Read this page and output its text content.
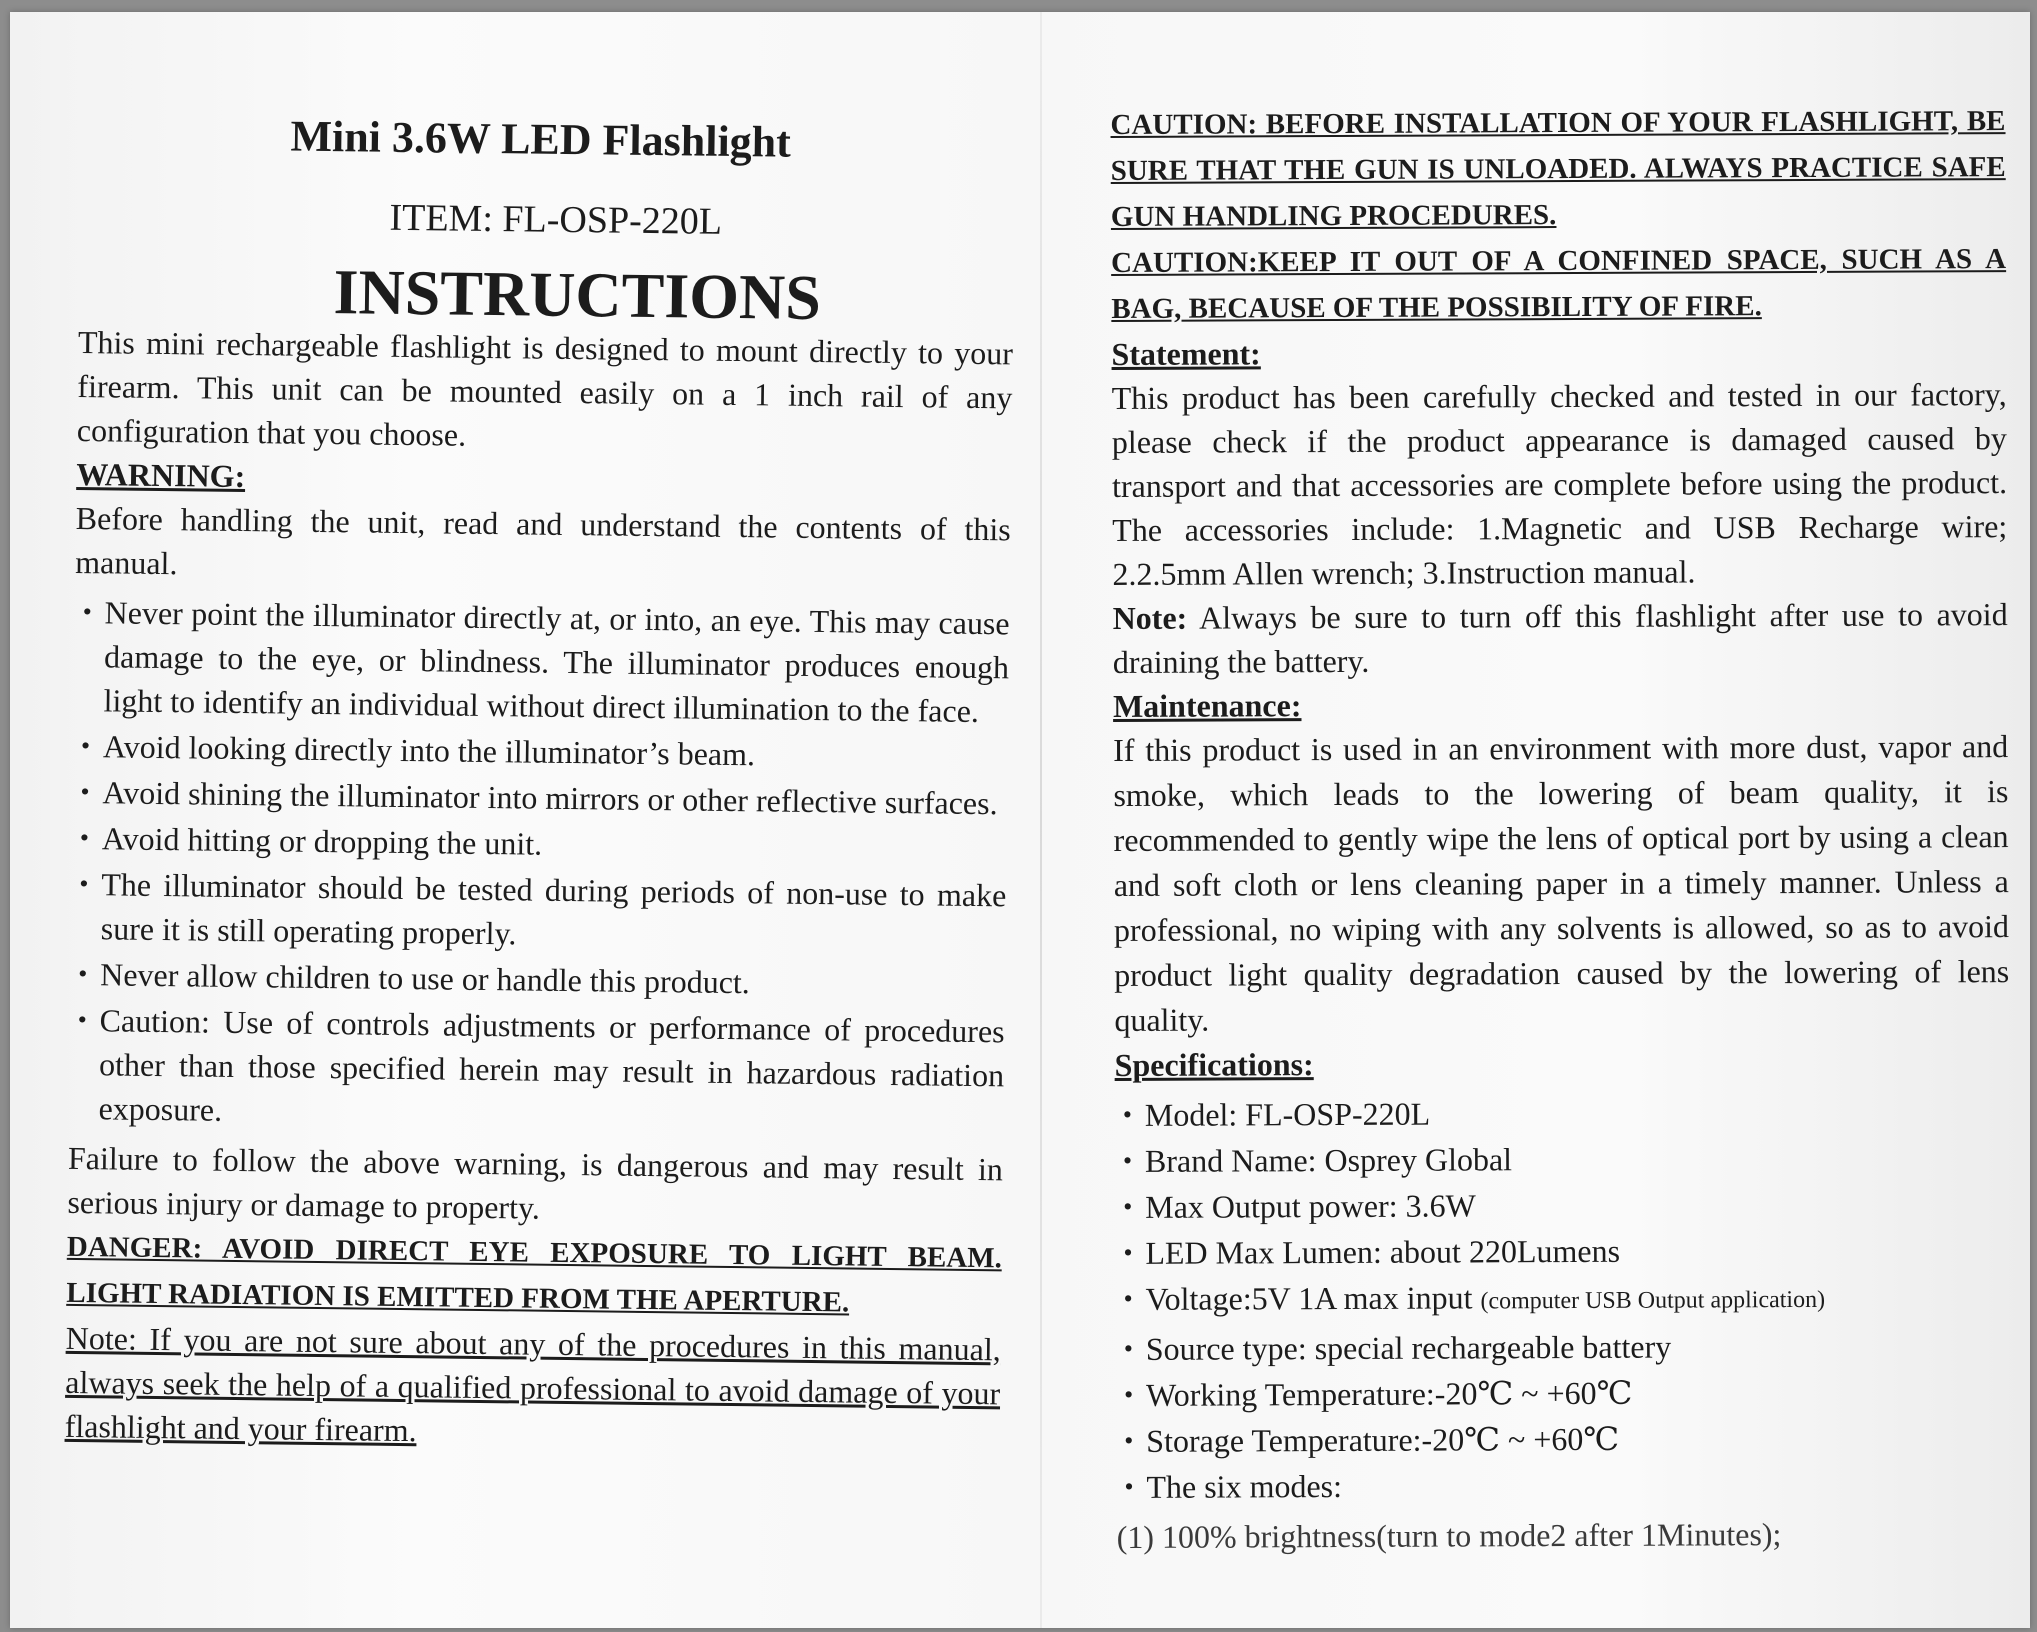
Mini 3.6W LED Flashlight

ITEM: FL-OSP-220L

INSTRUCTIONS

This mini rechargeable flashlight is designed to mount directly to your firearm. This unit can be mounted easily on a 1 inch rail of any configuration that you choose.

WARNING:

Before handling the unit, read and understand the contents of this manual.

• Never point the illuminator directly at, or into, an eye. This may cause damage to the eye, or blindness. The illuminator produces enough light to identify an individual without direct illumination to the face.
• Avoid looking directly into the illuminator’s beam.
• Avoid shining the illuminator into mirrors or other reflective surfaces.
• Avoid hitting or dropping the unit.
• The illuminator should be tested during periods of non-use to make sure it is still operating properly.
• Never allow children to use or handle this product.
• Caution: Use of controls adjustments or performance of procedures other than those specified herein may result in hazardous radiation exposure.

Failure to follow the above warning, is dangerous and may result in serious injury or damage to property.

DANGER: AVOID DIRECT EYE EXPOSURE TO LIGHT BEAM. LIGHT RADIATION IS EMITTED FROM THE APERTURE.

Note: If you are not sure about any of the procedures in this manual, always seek the help of a qualified professional to avoid damage of your flashlight and your firearm.

CAUTION: BEFORE INSTALLATION OF YOUR FLASHLIGHT, BE SURE THAT THE GUN IS UNLOADED. ALWAYS PRACTICE SAFE GUN HANDLING PROCEDURES.

CAUTION:KEEP IT OUT OF A CONFINED SPACE, SUCH AS A BAG, BECAUSE OF THE POSSIBILITY OF FIRE.

Statement:

This product has been carefully checked and tested in our factory, please check if the product appearance is damaged caused by transport and that accessories are complete before using the product. The accessories include: 1.Magnetic and USB Recharge wire; 2.2.5mm Allen wrench; 3.Instruction manual.

Note: Always be sure to turn off this flashlight after use to avoid draining the battery.

Maintenance:

If this product is used in an environment with more dust, vapor and smoke, which leads to the lowering of beam quality, it is recommended to gently wipe the lens of optical port by using a clean and soft cloth or lens cleaning paper in a timely manner. Unless a professional, no wiping with any solvents is allowed, so as to avoid product light quality degradation caused by the lowering of lens quality.

Specifications:

• Model: FL-OSP-220L
• Brand Name: Osprey Global
• Max Output power: 3.6W
• LED Max Lumen: about 220Lumens
• Voltage:5V 1A max input (computer USB Output application)
• Source type: special rechargeable battery
• Working Temperature:-20℃ ~ +60℃
• Storage Temperature:-20℃ ~ +60℃
• The six modes:

(1) 100% brightness(turn to mode2 after 1Minutes);
